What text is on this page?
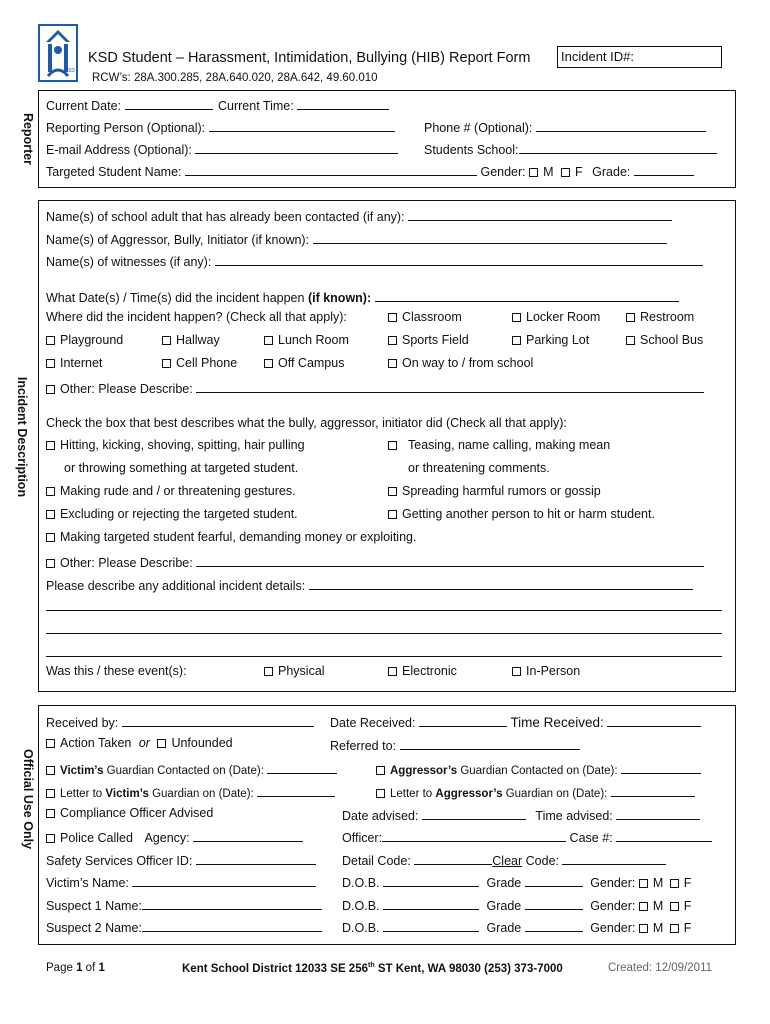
SD
KSD Student – Harassment, Intimidation, Bullying (HIB) Report Form
RCW’s: 28A.300.285, 28A.640.020, 28A.642, 49.60.010
Incident ID#:
Reporter
Current Date:	Current Time:
Reporting Person (Optional):	Phone # (Optional):
E-mail Address (Optional):	Students School:
Targeted Student Name:	Gender: M F Grade:
Incident Description
Name(s) of school adult that has already been contacted (if any):
Name(s) of Aggressor, Bully, Initiator (if known):
Name(s) of witnesses (if any):
What Date(s) / Time(s) did the incident happen (if known):
Where did the incident happen? (Check all that apply):	Classroom	Locker Room	Restroom
Playground	Hallway	Lunch Room	Sports Field	Parking Lot	School Bus
Internet	Cell Phone	Off Campus	On way to / from school
Other: Please Describe:
Check the box that best describes what the bully, aggressor, initiator did (Check all that apply):
Hitting, kicking, shoving, spitting, hair pulling
or throwing something at targeted student.
Teasing, name calling, making mean
or threatening comments.
Making rude and / or threatening gestures.	Spreading harmful rumors or gossip
Excluding or rejecting the targeted student.	Getting another person to hit or harm student.
Making targeted student fearful, demanding money or exploiting.
Other: Please Describe:
Please describe any additional incident details:
Was this / these event(s):	Physical	Electronic	In-Person
Official Use Only
Received by:	Date Received:	Time Received:
Action Taken or Unfounded	Referred to:
Victim’s Guardian Contacted on (Date):	Aggressor’s Guardian Contacted on (Date):
Letter to Victim’s Guardian on (Date):	Letter to Aggressor’s Guardian on (Date):
Compliance Officer Advised	Date advised:	Time advised:
Police Called Agency:	Officer:	Case #:
Safety Services Officer ID:	Detail Code:	Clear Code:
Victim’s Name:	D.O.B.	Grade	Gender: M F
Suspect 1 Name:	D.O.B.	Grade	Gender: M F
Suspect 2 Name:	D.O.B.	Grade	Gender: M F
Page 1 of 1	Kent School District 12033 SE 256th ST Kent, WA 98030 (253) 373-7000	Created: 12/09/2011
